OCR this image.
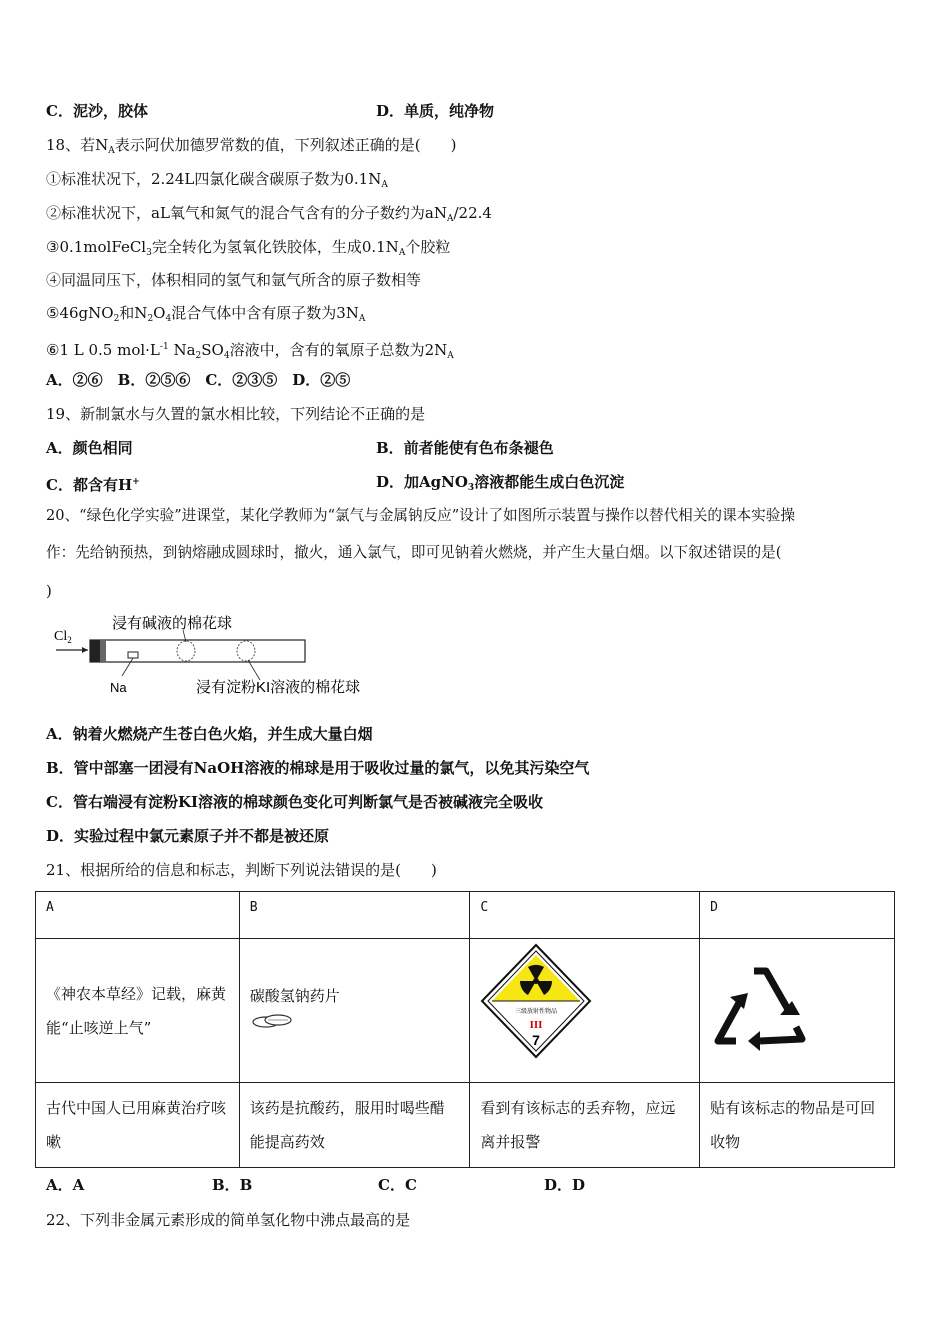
C．泥沙，胶体	D．单质，纯净物
18、若$N_A$表示阿伏加德罗常数的值，下列叙述正确的是(　　)
①标准状况下，2.24L四氯化碳含碳原子数为$0.1N_A$
②标准状况下，aL氧气和氮气的混合气含有的分子数约为$aN_A/22.4$
③0.1molFeCl$_3$完全转化为氢氧化铁胶体，生成$0.1N_A$个胶粒
④同温同压下，体积相同的氢气和氩气所含的原子数相等
⑤46gNO$_2$和$N_2O_4$混合气体中含有原子数为$3N_A$
⑥1 L 0.5 $mol\cdot L^{-1}$ $Na_2SO_4$溶液中，含有的氧原子总数为$2N_A$
A．②⑥　B．②⑤⑥　C．②③⑤　D．②⑤
19、新制氯水与久置的氯水相比较，下列结论不正确的是
A．颜色相同	B．前者能使有色布条褪色
C．都含有H+	D．加AgNO$_3$溶液都能生成白色沉淀
20、“绿色化学实验”进课堂，某化学教师为“氯气与金属钠反应”设计了如图所示装置与操作以替代相关的课本实验操
作：先给钠预热，到钠熔融成圆球时，撤火，通入氯气，即可见钠着火燃烧，并产生大量白烟。以下叙述错误的是(
)
$Cl_2$
浸有碱液的棉花球
Na	浸有淀粉KI溶液的棉花球
A．钠着火燃烧产生苍白色火焰，并生成大量白烟
B．管中部塞一团浸有NaOH溶液的棉球是用于吸收过量的氯气，以免其污染空气
C．管右端浸有淀粉KI溶液的棉球颜色变化可判断氯气是否被碱液完全吸收
D．实验过程中氯元素原子并不都是被还原
21、根据所给的信息和标志，判断下列说法错误的是(　　)
A	B	C	D
《神农本草经》记载，麻黄能“止咳逆上气”	碳酸氢钠药片	三级放射性物品
III
7

古代中国人已用麻黄治疗咳嗽	该药是抗酸药，服用时喝些醋能提高药效	看到有该标志的丢弃物，应远离并报警	贴有该标志的物品是可回收物
A．A	B．B	C．C	D．D
22、下列非金属元素形成的简单氢化物中沸点最高的是
